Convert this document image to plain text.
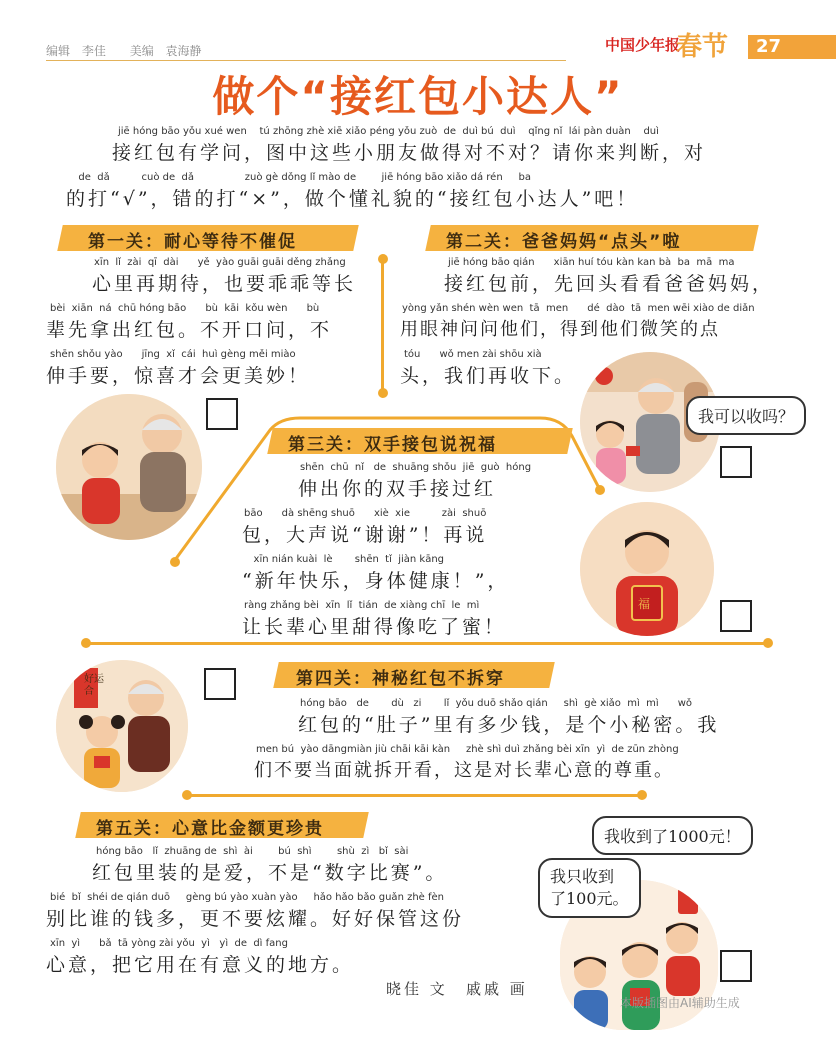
编辑 李佳 美编 袁海静	中国少年报
春节 27
做个“接红包小达人”
jiē hóng bāo yǒu xué wen    tú zhōng zhè xiē xiǎo péng yǒu zuò  de  duì bú  duì    qǐng nǐ  lái pàn duàn    duì
接红包有学问，图中这些小朋友做得对不对？请你来判断，对
de  dǎ          cuò de  dǎ                zuò gè dǒng lǐ mào de        jiē hóng bāo xiǎo dá rén     ba
的打“√”，错的打“×”，做个懂礼貌的“接红包小达人”吧！
第一关：耐心等待不催促
xīn  lǐ  zài  qī  dài      yě  yào guāi guāi děng zhǎng
心里再期待，也要乖乖等长
bèi  xiān  ná  chū hóng bāo      bù  kāi  kǒu wèn      bù
辈先拿出红包。不开口问，不
shēn shǒu yào      jīng  xǐ  cái  huì gèng měi miào
伸手要，惊喜才会更美妙！
第二关：爸爸妈妈“点头”啦
jiē hóng bāo qián      xiān huí tóu kàn kan bà  ba  mā  ma
接红包前，先回头看看爸爸妈妈，
yòng yǎn shén wèn wen  tā  men      dé  dào  tā  men wēi xiào de diǎn
用眼神问问他们，得到他们微笑的点
tóu      wǒ men zài shōu xià
头，我们再收下。
我可以收吗？
第三关：双手接包说祝福
shēn  chū  nǐ   de  shuāng shǒu  jiē  guò  hóng
伸出你的双手接过红
bāo      dà shēng shuō      xiè  xie          zài  shuō
包，大声说“谢谢”！再说
xīn nián kuài  lè       shēn  tǐ  jiàn kāng
“新年快乐，身体健康！”，
ràng zhǎng bèi  xīn  lǐ  tián  de xiàng chī  le  mì
让长辈心里甜得像吃了蜜！
福
好运合
第四关：神秘红包不拆穿
hóng bāo   de       dù   zi       lǐ  yǒu duō shǎo qián     shì  gè xiǎo  mì  mì      wǒ
红包的“肚子”里有多少钱，是个小秘密。我
men bú  yào dāngmiàn jiù chāi kāi kàn     zhè shì duì zhǎng bèi xīn  yì  de zūn zhòng
们不要当面就拆开看，这是对长辈心意的尊重。
第五关：心意比金额更珍贵
hóng bāo   lǐ  zhuāng de  shì  ài        bú  shì        shù  zì   bǐ  sài
红包里装的是爱，不是“数字比赛”。
bié  bǐ  shéi de qián duō     gèng bú yào xuàn yào     hǎo hǎo bǎo guǎn zhè fèn
别比谁的钱多，更不要炫耀。好好保管这份
xīn  yì      bǎ  tā yòng zài yǒu  yì   yì  de  dì fang
心意，把它用在有意义的地方。
我收到了1000元！
我只收到
了100元。
晓佳 文 戚戚 画
本版插图由AI辅助生成
